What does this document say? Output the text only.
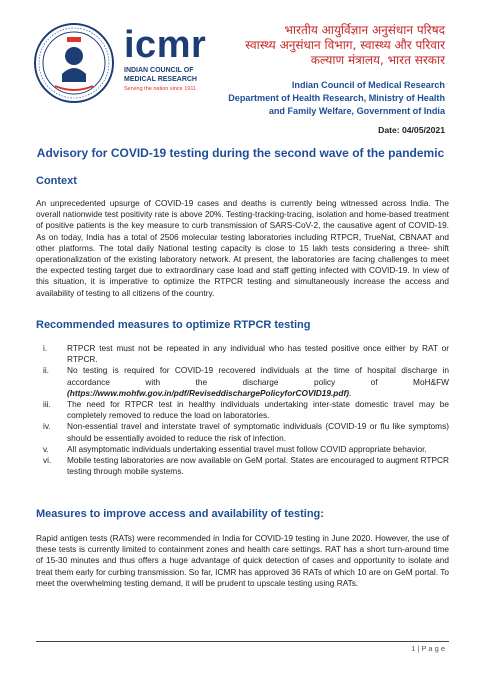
icmr
INDIAN COUNCIL OF
MEDICAL RESEARCH
Serving the nation since 1911
भारतीय आयुर्विज्ञान अनुसंधान परिषद
स्वास्थ्य अनुसंधान विभाग, स्वास्थ्य और परिवार
कल्याण मंत्रालय, भारत सरकार
Indian Council of Medical Research
Department of Health Research, Ministry of Health
and Family Welfare, Government of India
Date: 04/05/2021
Advisory for COVID-19 testing during the second wave of the pandemic
Context
An unprecedented upsurge of COVID-19 cases and deaths is currently being witnessed across India. The overall nationwide test positivity rate is above 20%. Testing-tracking-tracing, isolation and home-based treatment of positive patients is the key measure to curb transmission of SARS-CoV-2, the causative agent of COVID-19. As on today, India has a total of 2506 molecular testing laboratories including RTPCR, TrueNat, CBNAAT and other platforms. The total daily National testing capacity is close to 15 lakh tests considering a three- shift operationalization of the existing laboratory network. At present, the laboratories are facing challenges to meet the expected testing target due to extraordinary case load and staff getting infected with COVID-19. In view of this situation, it is imperative to optimize the RTPCR testing and simultaneously increase the access and availability of testing to all citizens of the country.
Recommended measures to optimize RTPCR testing
i. RTPCR test must not be repeated in any individual who has tested positive once either by RAT or RTPCR.
ii. No testing is required for COVID-19 recovered individuals at the time of hospital discharge in accordance with the discharge policy of MoH&FW (https://www.mohfw.gov.in/pdf/ReviseddischargePolicyforCOVID19.pdf).
iii. The need for RTPCR test in healthy individuals undertaking inter-state domestic travel may be completely removed to reduce the load on laboratories.
iv. Non-essential travel and interstate travel of symptomatic individuals (COVID-19 or flu like symptoms) should be essentially avoided to reduce the risk of infection.
v. All asymptomatic individuals undertaking essential travel must follow COVID appropriate behavior.
vi. Mobile testing laboratories are now available on GeM portal. States are encouraged to augment RTPCR testing through mobile systems.
Measures to improve access and availability of testing:
Rapid antigen tests (RATs) were recommended in India for COVID-19 testing in June 2020. However, the use of these tests is currently limited to containment zones and health care settings. RAT has a short turn-around time of 15-30 minutes and thus offers a huge advantage of quick detection of cases and opportunity to isolate and treat them early for curbing transmission. So far, ICMR has approved 36 RATs of which 10 are on GeM portal. To meet the overwhelming testing demand, it will be prudent to upscale testing using RATs.
1 | P a g e
